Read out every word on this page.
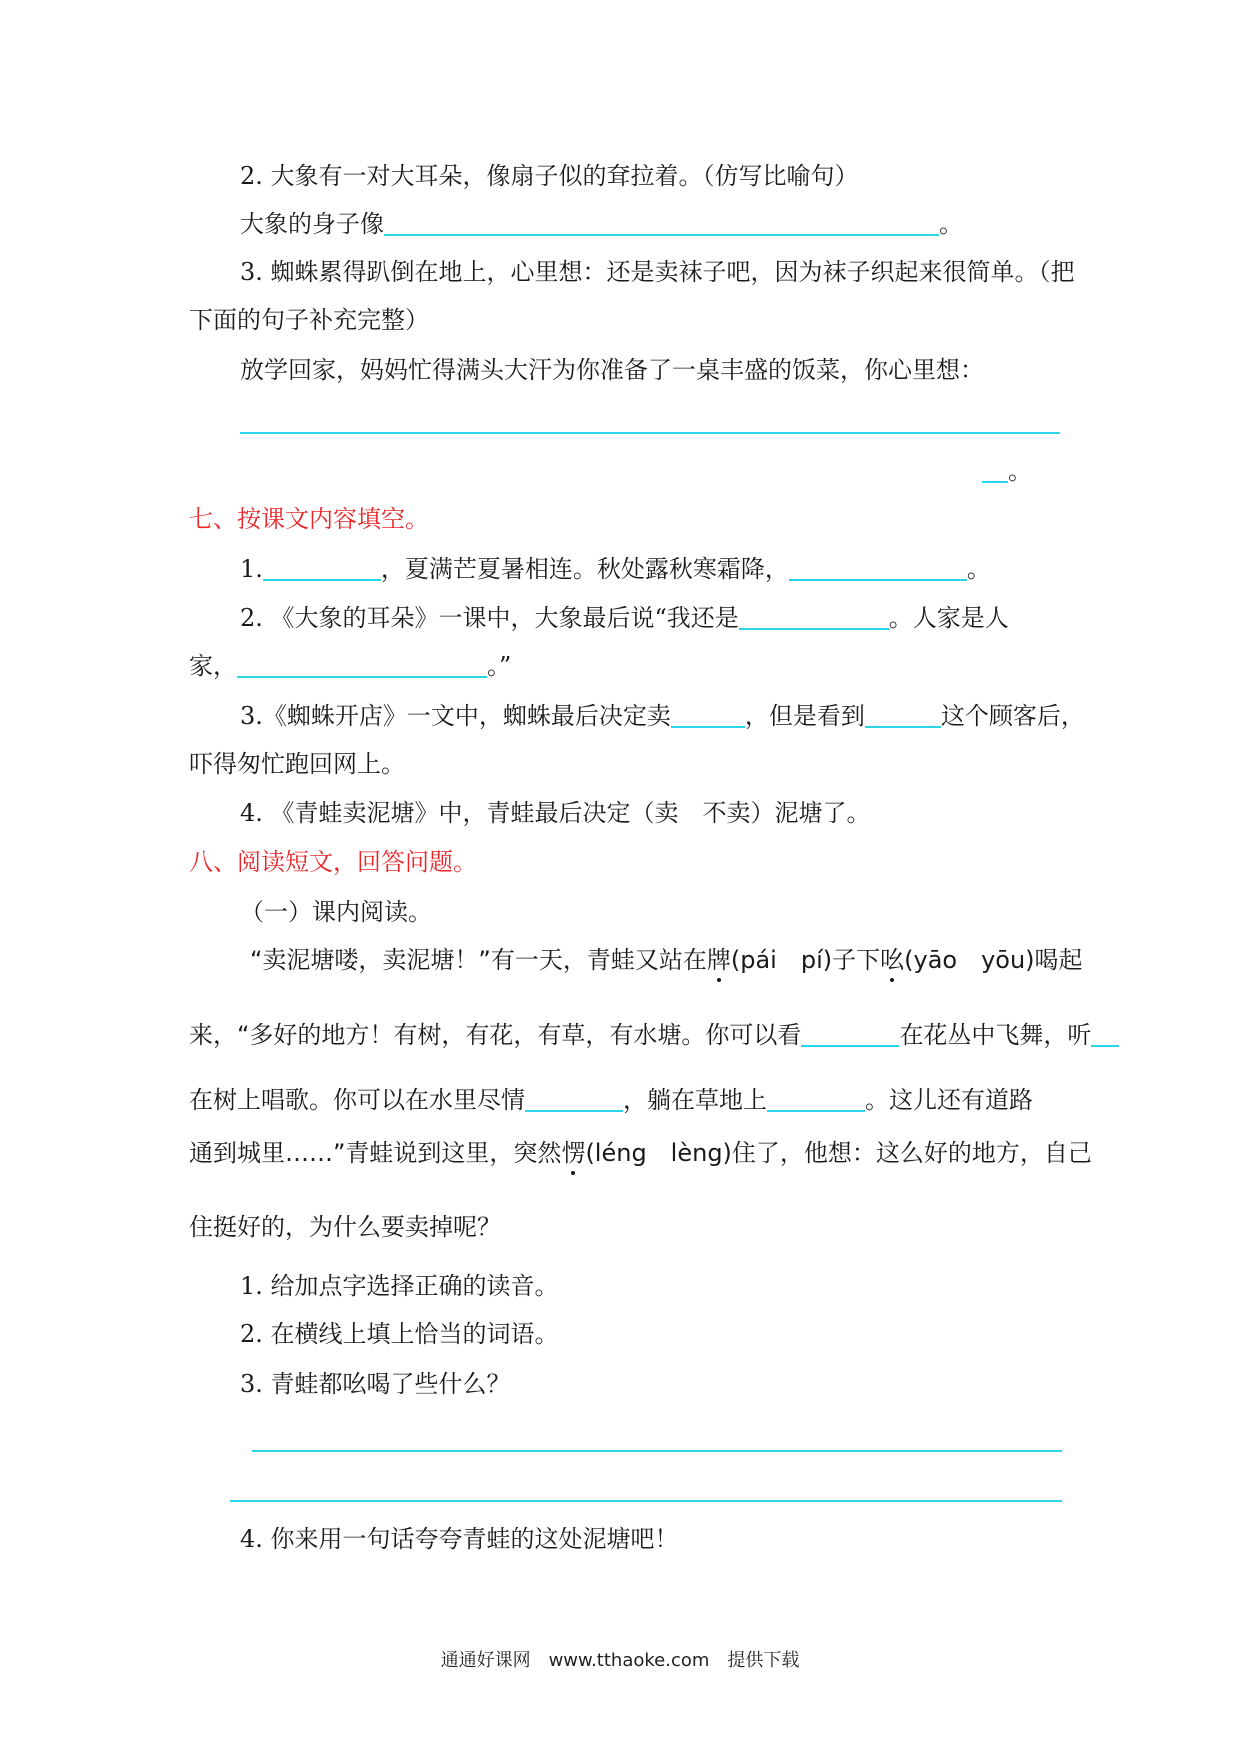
2. 大象有一对大耳朵，像扇子似的耷拉着。（仿写比喻句）
大象的身子像	。
3. 蜘蛛累得趴倒在地上，心里想：还是卖袜子吧，因为袜子织起来很简单。（把
下面的句子补充完整）
放学回家，妈妈忙得满头大汗为你准备了一桌丰盛的饭菜，你心里想：
。
七、按课文内容填空。
1.	，夏满芒夏暑相连。秋处露秋寒霜降，	。
2. 《大象的耳朵》一课中，大象最后说“我还是	。人家是人
家，	。”
3.《蜘蛛开店》一文中，蜘蛛最后决定卖	，但是看到	这个顾客后，
吓得匆忙跑回网上。
4. 《青蛙卖泥塘》中，青蛙最后决定（卖　不卖）泥塘了。
八、阅读短文，回答问题。
（一）课内阅读。
“卖泥塘喽，卖泥塘！”有一天，青蛙又站在牌(pái　pí)子下吆(yāo　yōu)喝起
来，“多好的地方！有树，有花，有草，有水塘。你可以看	在花丛中飞舞，听
在树上唱歌。你可以在水里尽情	，躺在草地上	。这儿还有道路
通到城里……”青蛙说到这里，突然愣(léng　lèng)住了，他想：这么好的地方，自己
住挺好的，为什么要卖掉呢？
1. 给加点字选择正确的读音。
2. 在横线上填上恰当的词语。
3. 青蛙都吆喝了些什么？
4. 你来用一句话夸夸青蛙的这处泥塘吧！
通通好课网　www.tthaoke.com　提供下载
